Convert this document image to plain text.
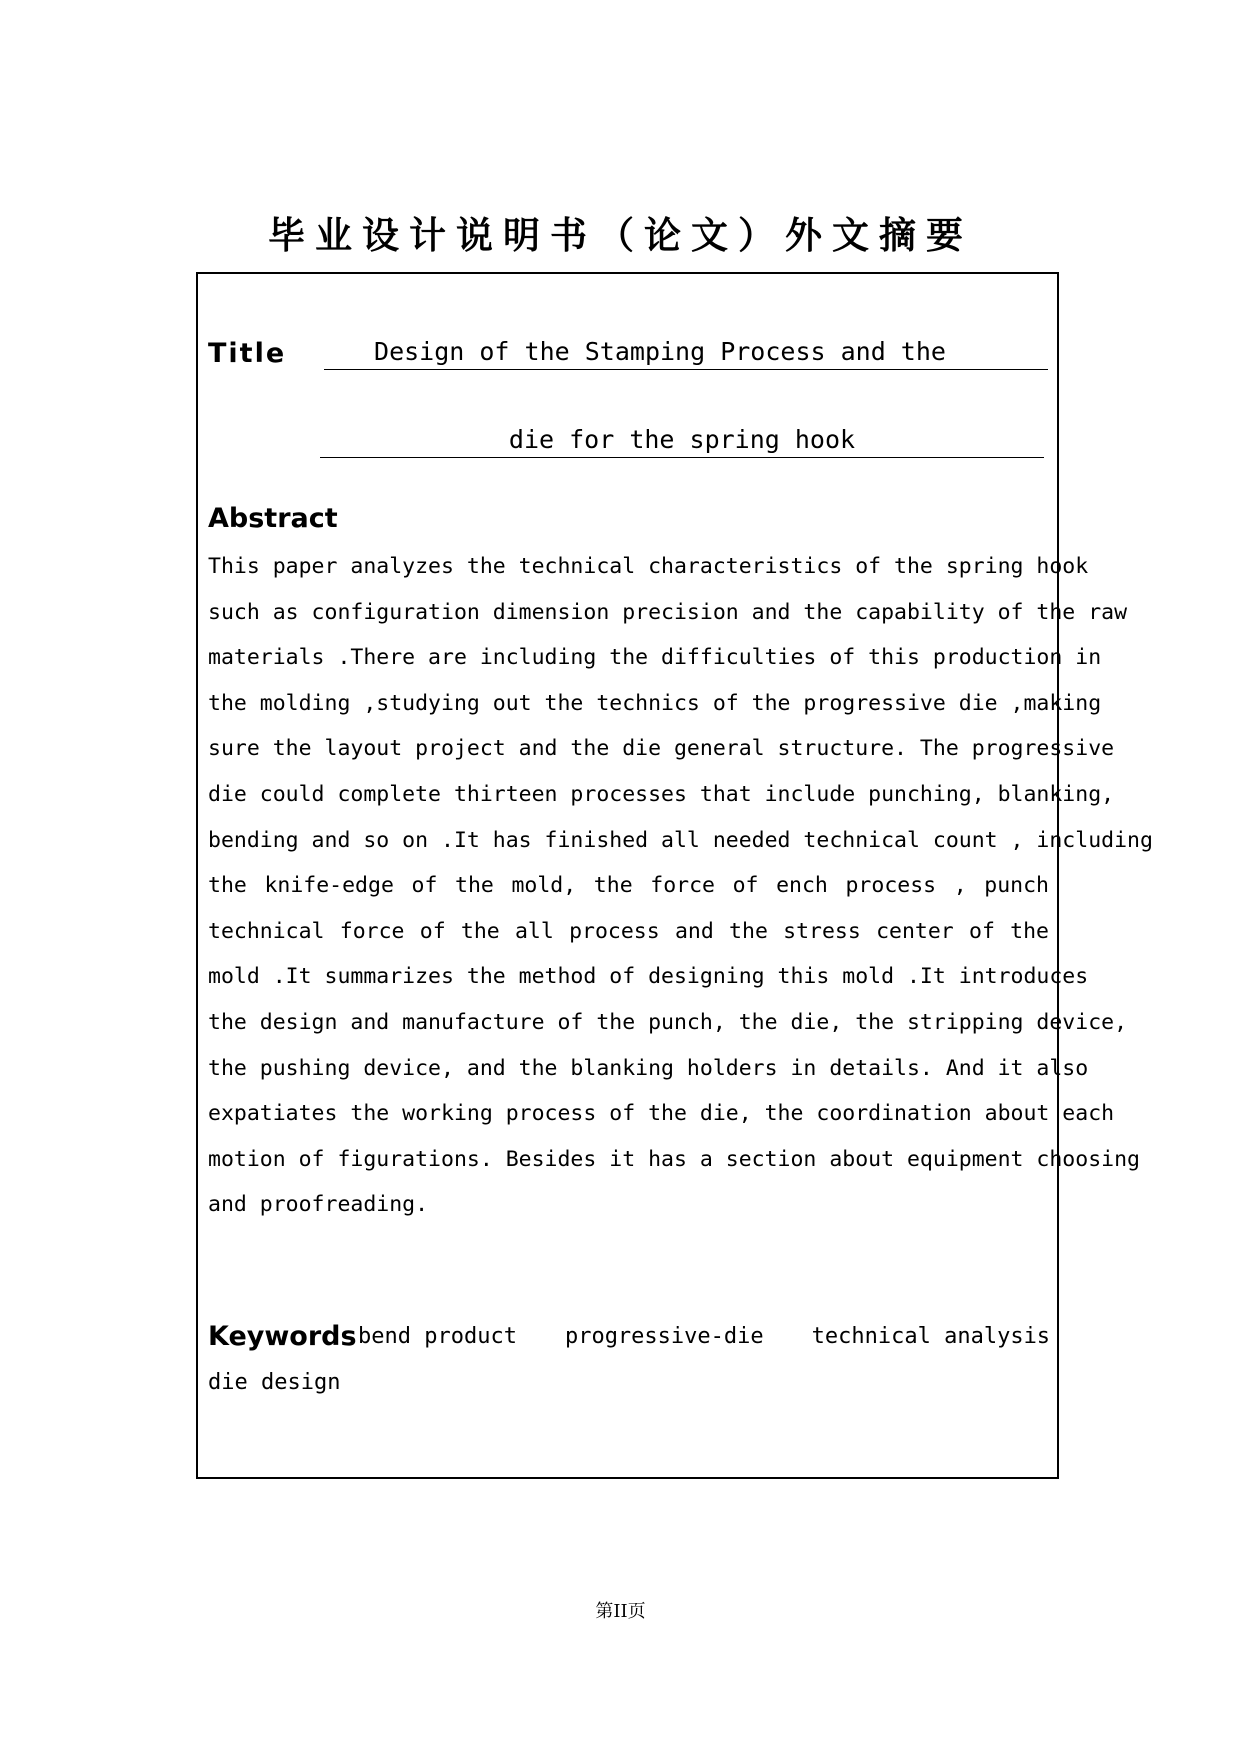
毕业设计说明书（论文）外文摘要
Title	Design of the Stamping Process and the
die for the spring hook
Abstract
This paper analyzes the technical characteristics of the spring hook
such as configuration dimension precision and the capability of the raw
materials .There are including the difficulties of this production in
the molding ,studying out the technics of the progressive die ,making
sure the layout project and the die general structure. The progressive
die could complete thirteen processes that include punching, blanking,
bending and so on .It has finished all needed technical count , including
the knife-edge of the mold, the force of ench process , punch
technical force of the all process and the stress center of the
mold .It summarizes the method of designing this mold .It introduces
the design and manufacture of the punch, the die, the stripping device,
the pushing device, and the blanking holders in details. And it also
expatiates the working process of the die, the coordination about each
motion of figurations. Besides it has a section about equipment choosing
and proofreading.
Keywords bend product progressive-die technical analysis
die design
第II页
